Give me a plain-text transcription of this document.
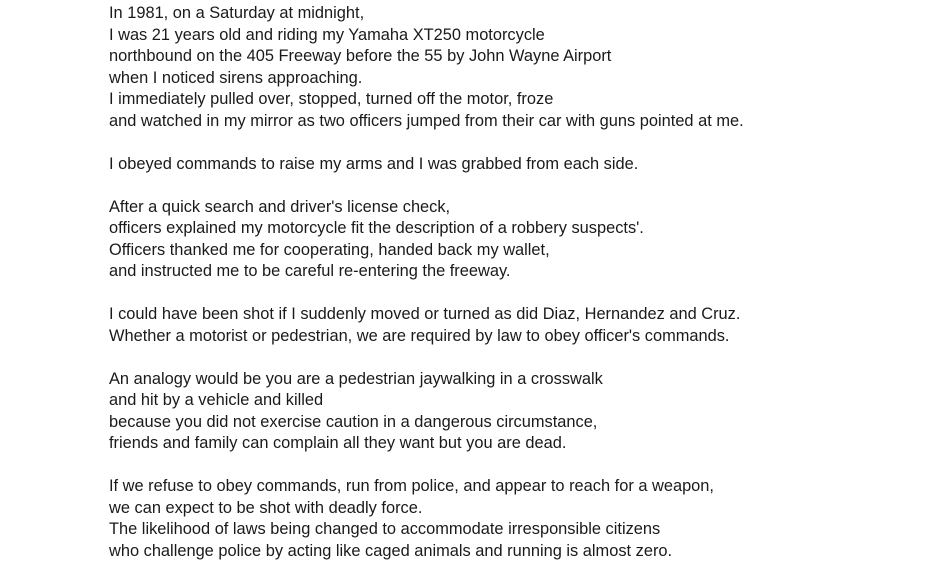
In 1981, on a Saturday at midnight,
I was 21 years old and riding my Yamaha XT250 motorcycle
northbound on the 405 Freeway before the 55 by John Wayne Airport
when I noticed sirens approaching.
I immediately pulled over, stopped, turned off the motor, froze
and watched in my mirror as two officers jumped from their car with guns pointed at me.
I obeyed commands to raise my arms and I was grabbed from each side.
After a quick search and driver's license check,
officers explained my motorcycle fit the description of a robbery suspects'.
Officers thanked me for cooperating, handed back my wallet,
and instructed me to be careful re-entering the freeway.
I could have been shot if I suddenly moved or turned as did Diaz, Hernandez and Cruz.
Whether a motorist or pedestrian, we are required by law to obey officer's commands.
An analogy would be you are a pedestrian jaywalking in a crosswalk
and hit by a vehicle and killed
because you did not exercise caution in a dangerous circumstance,
friends and family can complain all they want but you are dead.
If we refuse to obey commands, run from police, and appear to reach for a weapon,
we can expect to be shot with deadly force.
The likelihood of laws being changed to accommodate irresponsible citizens
who challenge police by acting like caged animals and running is almost zero.
